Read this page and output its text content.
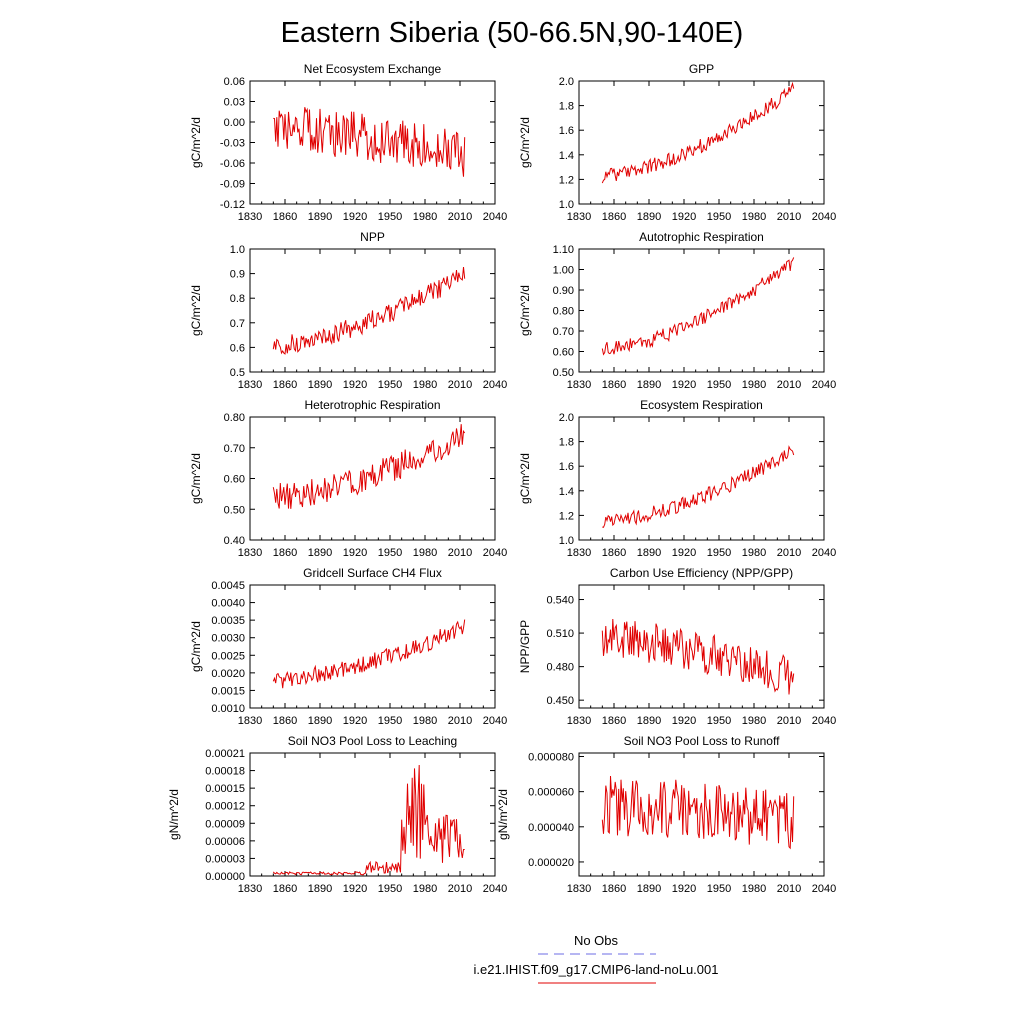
Eastern Siberia (50-66.5N,90-140E)
Net Ecosystem Exchange
1830 1860 1890 1920 1950 1980 2010 2040
0.06
0.03
0.00
-0.03
-0.06
-0.09
-0.12
gC/m^2/d
GPP
1830 1860 1890 1920 1950 1980 2010 2040
2.0
1.8
1.6
1.4
1.2
1.0
gC/m^2/d
NPP
1830 1860 1890 1920 1950 1980 2010 2040
1.0
0.9
0.8
0.7
0.6
0.5
gC/m^2/d
Autotrophic Respiration
1830 1860 1890 1920 1950 1980 2010 2040
1.10
1.00
0.90
0.80
0.70
0.60
0.50
gC/m^2/d
Heterotrophic Respiration
1830 1860 1890 1920 1950 1980 2010 2040
0.80
0.70
0.60
0.50
0.40
gC/m^2/d
Ecosystem Respiration
1830 1860 1890 1920 1950 1980 2010 2040
2.0
1.8
1.6
1.4
1.2
1.0
gC/m^2/d
Gridcell Surface CH4 Flux
1830 1860 1890 1920 1950 1980 2010 2040
0.0045
0.0040
0.0035
0.0030
0.0025
0.0020
0.0015
0.0010
gC/m^2/d
Carbon Use Efficiency (NPP/GPP)
1830 1860 1890 1920 1950 1980 2010 2040
0.540
0.510
0.480
0.450
NPP/GPP
Soil NO3 Pool Loss to Leaching
1830 1860 1890 1920 1950 1980 2010 2040
0.00021
0.00018
0.00015
0.00012
0.00009
0.00006
0.00003
0.00000
gN/m^2/d
Soil NO3 Pool Loss to Runoff
1830 1860 1890 1920 1950 1980 2010 2040
0.000080
0.000060
0.000040
0.000020
gN/m^2/d
No Obs
i.e21.IHIST.f09_g17.CMIP6-land-noLu.001
